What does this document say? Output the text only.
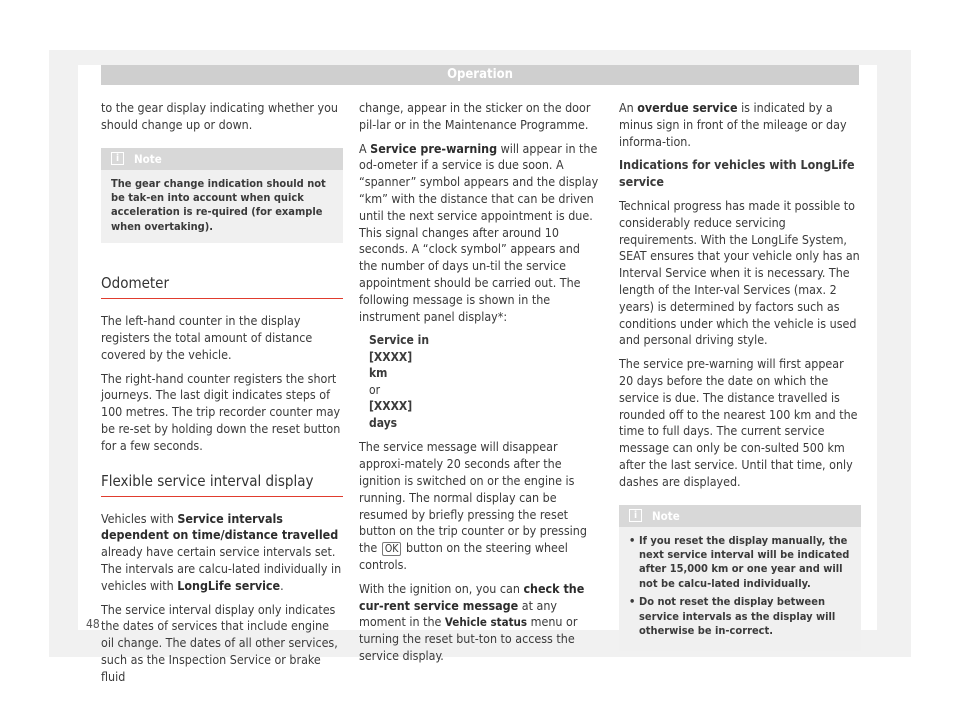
Operation

to the gear display indicating whether you should change up or down.

i	Note
The gear change indication should not be tak-en into account when quick acceleration is re-quired (for example when overtaking).
Odometer

The left-hand counter in the display registers the total amount of distance covered by the vehicle.

The right-hand counter registers the short journeys. The last digit indicates steps of 100 metres. The trip recorder counter may be re-set by holding down the reset button for a few seconds.

Flexible service interval display

Vehicles with Service intervals dependent on time/distance travelled already have certain service intervals set. The intervals are calcu-lated individually in vehicles with LongLife service.

The service interval display only indicates the dates of services that include engine oil change. The dates of all other services, such as the Inspection Service or brake fluid

change, appear in the sticker on the door pil-lar or in the Maintenance Programme.

A Service pre-warning will appear in the od-ometer if a service is due soon. A “spanner” symbol appears and the display “km” with the distance that can be driven until the next service appointment is due. This signal changes after around 10 seconds. A “clock symbol” appears and the number of days un-til the service appointment should be carried out. The following message is shown in the instrument panel display*:

Service in
[XXXX]
km
or
[XXXX]
days

The service message will disappear approxi-mately 20 seconds after the ignition is switched on or the engine is running. The normal display can be resumed by briefly pressing the reset button on the trip counter or by pressing the OK button on the steering wheel controls.

With the ignition on, you can check the cur-rent service message at any moment in the Vehicle status menu or turning the reset but-ton to access the service display.

An overdue service is indicated by a minus sign in front of the mileage or day informa-tion.

Indications for vehicles with LongLife service

Technical progress has made it possible to considerably reduce servicing requirements. With the LongLife System, SEAT ensures that your vehicle only has an Interval Service when it is necessary. The length of the Inter-val Services (max. 2 years) is determined by factors such as conditions under which the vehicle is used and personal driving style.

The service pre-warning will first appear 20 days before the date on which the service is due. The distance travelled is rounded off to the nearest 100 km and the time to full days. The current service message can only be con-sulted 500 km after the last service. Until that time, only dashes are displayed.

i	Note
• If you reset the display manually, the next service interval will be indicated after 15,000 km or one year and will not be calcu-lated individually.
• Do not reset the display between service intervals as the display will otherwise be in-correct.
48
